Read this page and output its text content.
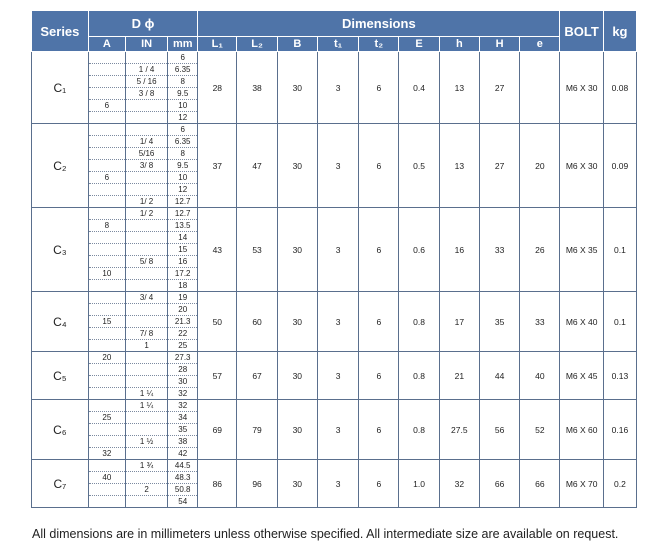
Series	D ϕ			Dimensions									BOLT	kg
	A	IN	mm	L₁	L₂	B	t₁	t₂	E	h	H	e		
C₁			6	28	38	30	3	6	0.4	13	27		M6 X 30	0.08
		1 / 4	6.35											
		5 / 16	8											
		3 / 8	9.5											
	6		10											
			12											
C₂			6	37	47	30	3	6	0.5	13	27	20	M6 X 30	0.09
		1/ 4	6.35											
		5/16	8											
		3/ 8	9.5											
	6		10											
			12											
		1/ 2	12.7											
C₃		1/ 2	12.7	43	53	30	3	6	0.6	16	33	26	M6 X 35	0.1
	8		13.5											
			14											
			15											
		5/ 8	16											
	10		17.2											
			18											
C₄		3/ 4	19	50	60	30	3	6	0.8	17	35	33	M6 X 40	0.1
			20											
	15		21.3											
		7/ 8	22											
		1	25											
C₅	20		27.3	57	67	30	3	6	0.8	21	44	40	M6 X 45	0.13
			28											
			30											
		1 ¼	32											
C₆		1 ¼	32	69	79	30	3	6	0.8	27.5	56	52	M6 X 60	0.16
	25		34											
			35											
		1 ½	38											
	32		42											
C₇		1 ¾	44.5	86	96	30	3	6	1.0	32	66	66	M6 X 70	0.2
	40		48.3											
		2	50.8											
			54											
All dimensions are in millimeters unless otherwise specified. All intermediate size are available on request.
